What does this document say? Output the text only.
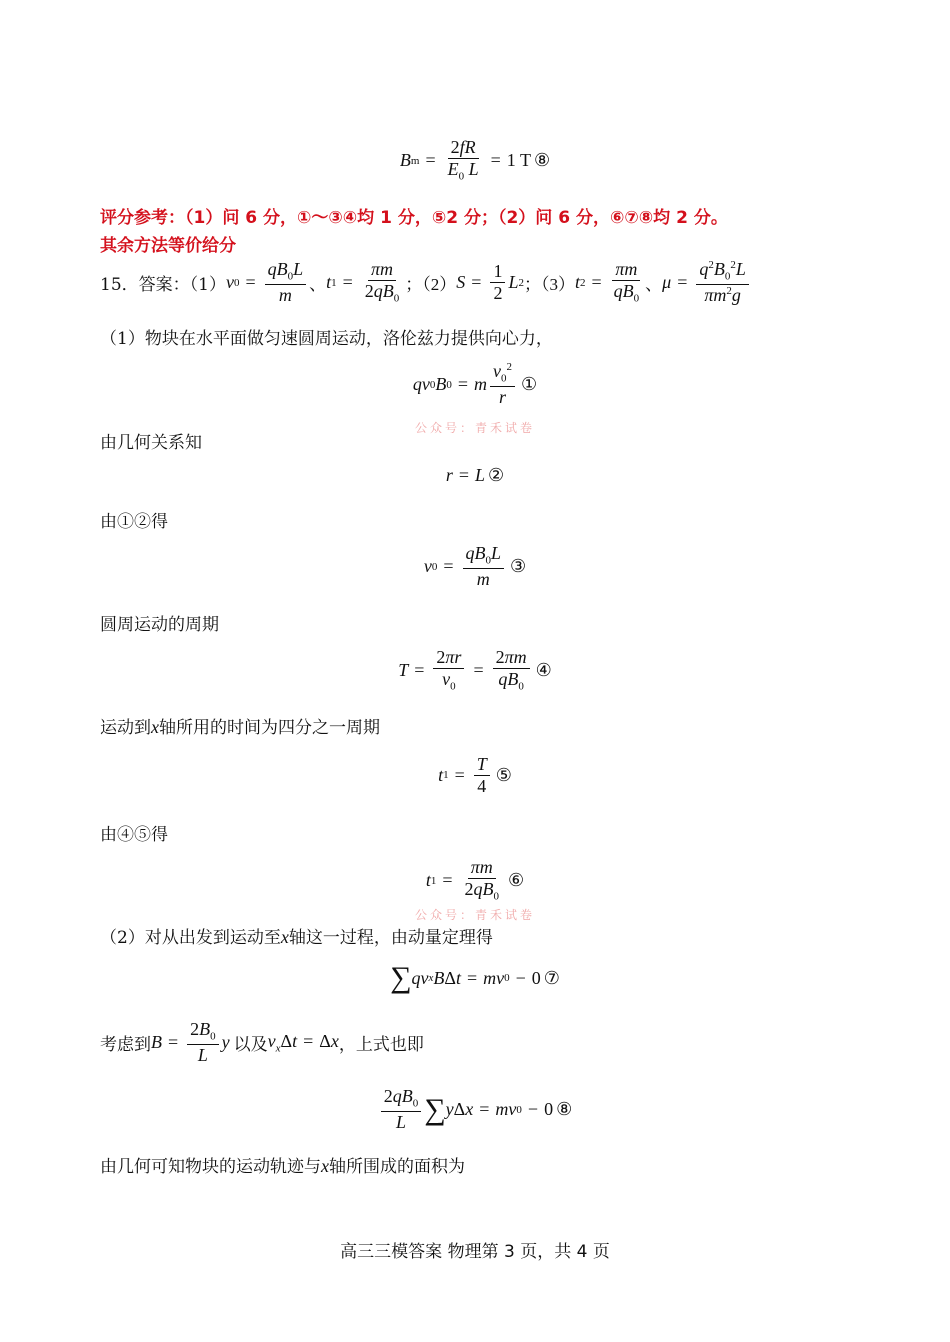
B $m = \frac{2fR}{E_0 L} = 1$ T ⑧
评分参考：（1）问 6 分，①～③④均 1 分，⑤2 分；（2）问 6 分，⑥⑦⑧均 2 分。
其余方法等价给分
15．答案：（1） v $0 = \frac{qB_0L}{m}$ 、 t $1 = \frac{\pi m}{2qB_0}$ ；（2） $S = \frac{1}{2}$ L 2 ；（3） t $2 = \frac{\pi m}{qB_0}$ 、 $\mu = \frac{q^2B_0^2L}{\pi m^2g}$
（1）物块在水平面做匀速圆周运动，洛伦兹力提供向心力，
qv 0 B 0 = m $\frac{v_0^2}{r}$ ①
公众号：青禾试卷
由几何关系知
r = L ②
由①②得
v $0 = \frac{qB_0L}{m}$ ③
圆周运动的周期
$T = \frac{2\pi r}{v_0} = \frac{2\pi m}{qB_0}$ ④
运动到x轴所用的时间为四分之一周期
t $1 = \frac{T}{4}$ ⑤
由④⑤得
t $1 = \frac{\pi m}{2qB_0}$ ⑥
公众号：青禾试卷
（2）对从出发到运动至x轴这一过程，由动量定理得
∑ qv x B Δ t = mv 0 − 0 ⑦
考虑到 $B = \frac{2B_0}{L}$ y 以及 $v_x\Delta t = \Delta x$ ，上式也即
$\frac{2qB_0}{L}$ ∑ y Δ x = mv 0 − 0 ⑧
由几何可知物块的运动轨迹与x轴所围成的面积为
高三三模答案 物理第 3 页，共 4 页
